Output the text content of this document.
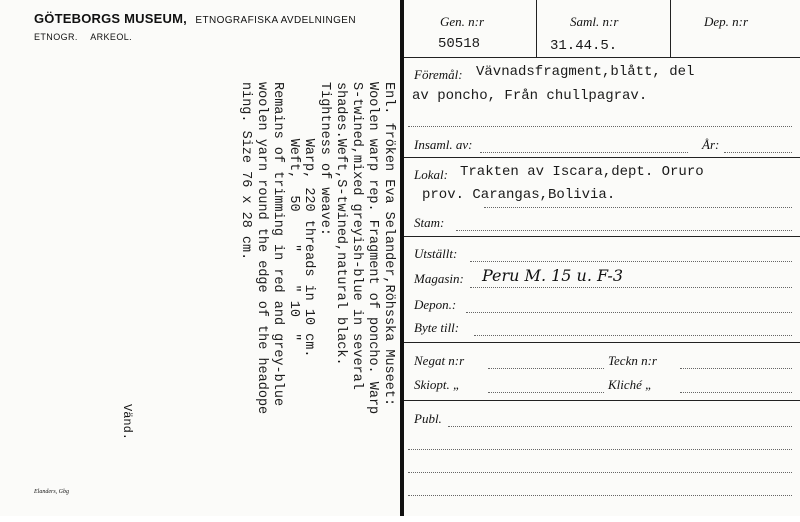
GÖTEBORGS MUSEUM, ETNOGRAFISKA AVDELNINGEN
ETNOGR. ARKEOL.
Enl. fröken Eva Selander,Röhsska Museet:
Woolen warp rep. Fragment of poncho. Warp
S-twined,mixed greyish-blue in several
shades.Weft,S-twined,natural black.
Tightness of weave:
Warp, 220 threads in 10 cm.
Weft,  50    "    " 10  "
Remains of trimming in red and grey-blue
woolen yarn round the edge of the headope
ning. Size 76 x 28 cm.
Vänd.
Elanders, Gbg
Gen. n:r	Saml. n:r	Dep. n:r
50518	31.44.5.
Föremål: Vävnadsfragment,blått, del
av poncho, Från chullpagrav.
Insaml. av:	År:
Lokal: Trakten av Iscara,dept. Oruro
prov. Carangas,Bolivia.
Stam:
Utställt:
Magasin: Peru M. 15 u. F-3
Depon.:
Byte till:
Negat n:r	Teckn n:r
Skiopt. „	Kliché „
Publ.
